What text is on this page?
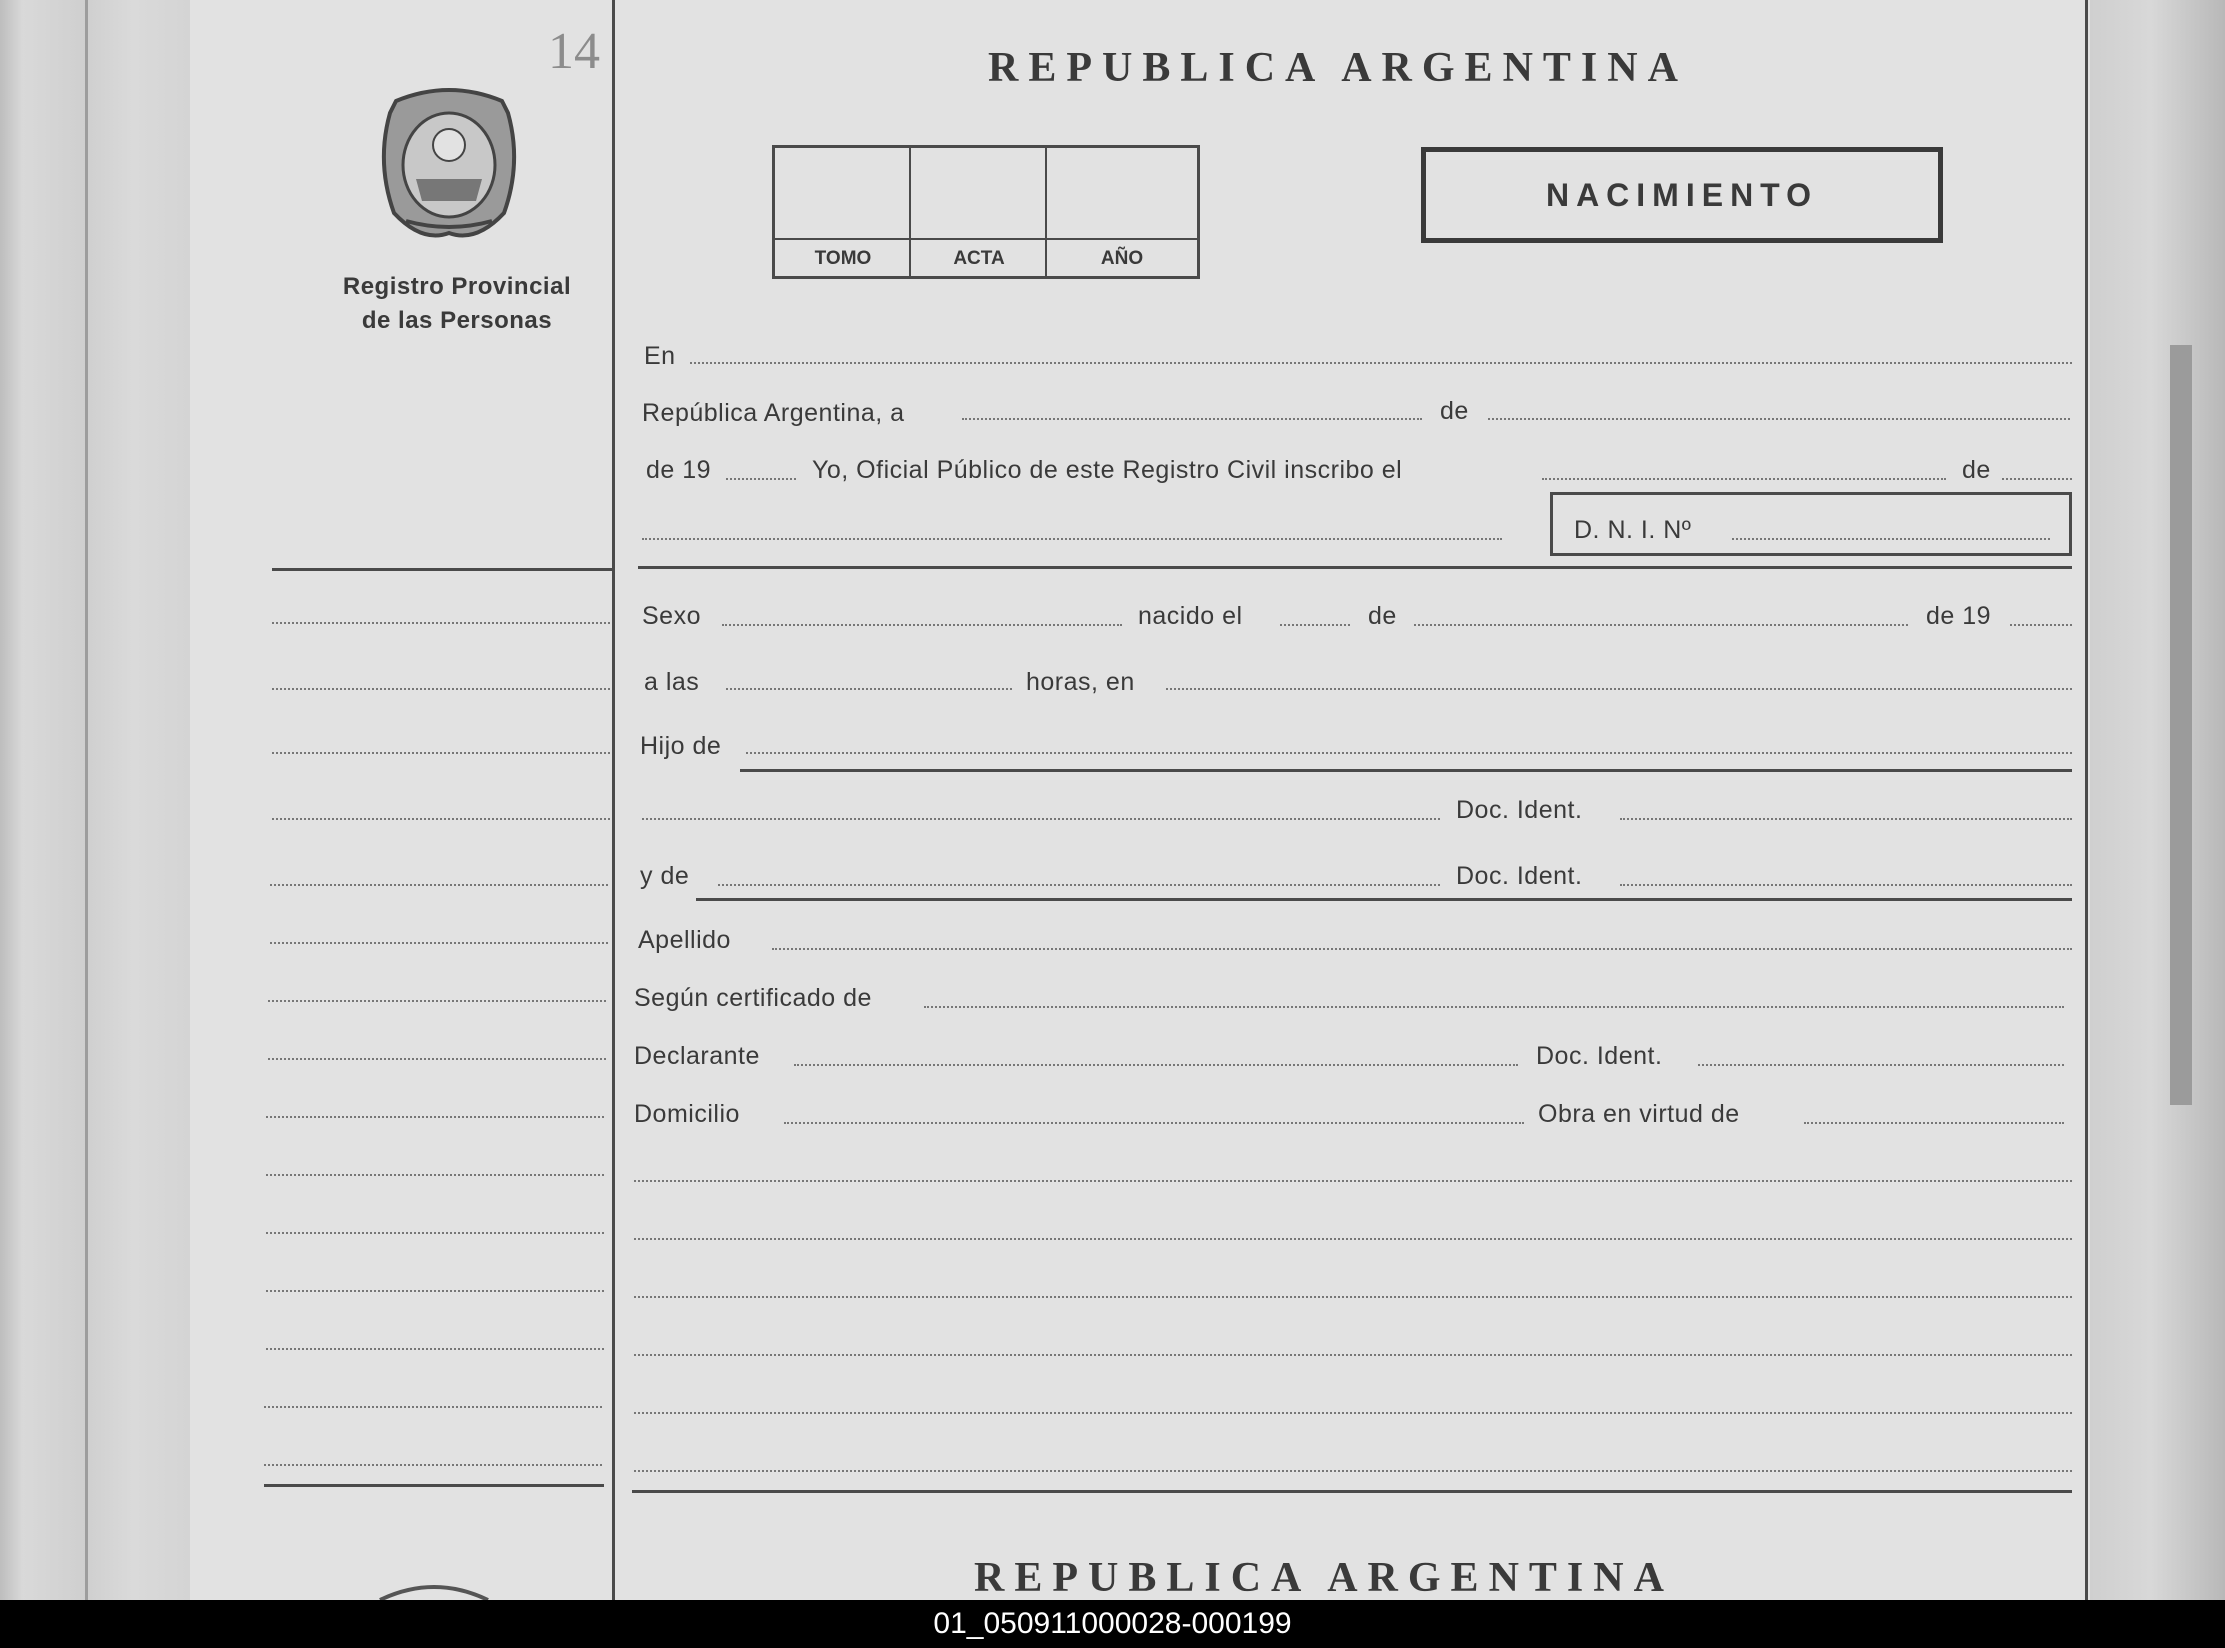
14
Registro Provincial de las Personas
REPUBLICA ARGENTINA
TOMO	ACTA	AÑO
NACIMIENTO
En
República Argentina, a	de
de 19	Yo, Oficial Público de este Registro Civil inscribo el	de
D. N. I. Nº
Sexo	nacido el	de	de 19
a las	horas, en
Hijo de
Doc. Ident.
y de	Doc. Ident.
Apellido
Según certificado de
Declarante	Doc. Ident.
Domicilio	Obra en virtud de
REPUBLICA ARGENTINA
01_050911000028-000199
